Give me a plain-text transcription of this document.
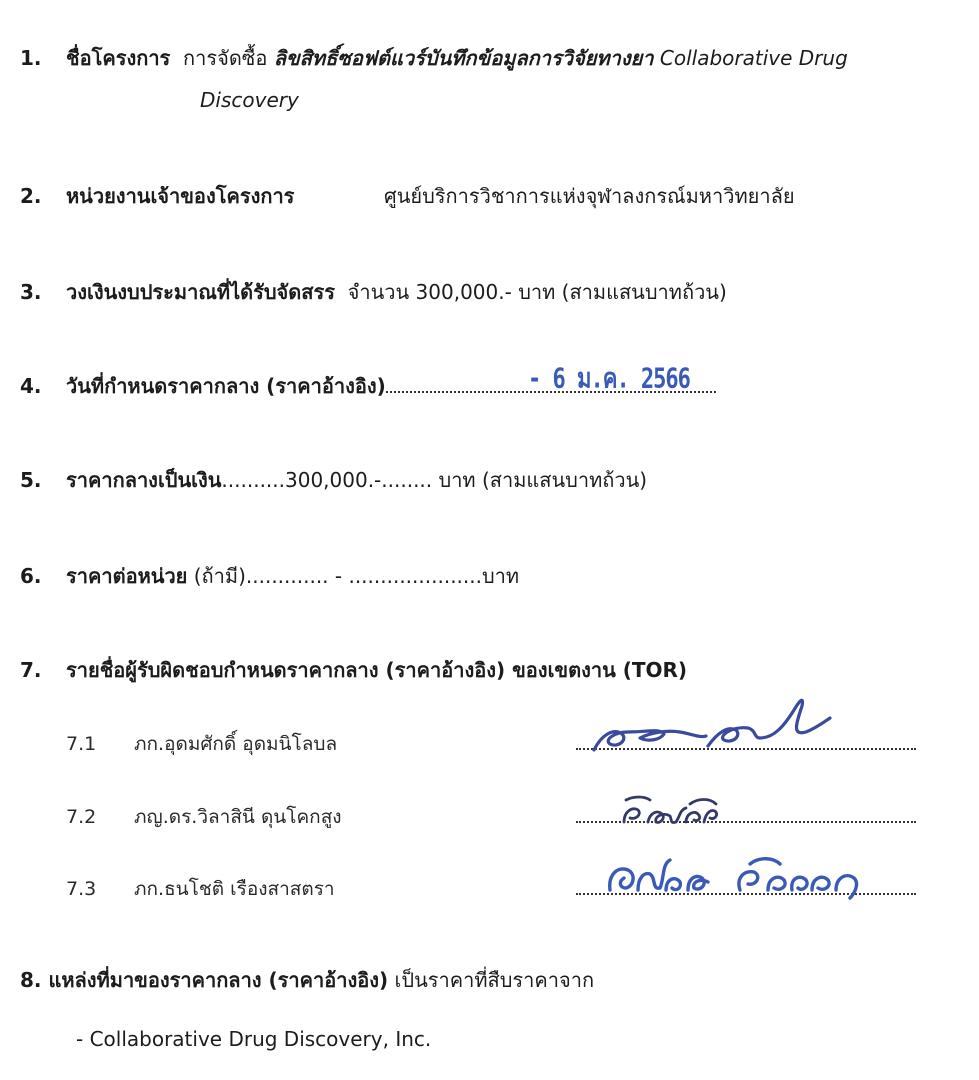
1. ชื่อโครงการ การจัดซื้อ ลิขสิทธิ์ซอฟต์แวร์บันทึกข้อมูลการวิจัยทางยา Collaborative Drug
Discovery
2. หน่วยงานเจ้าของโครงการ	ศูนย์บริการวิชาการแห่งจุฬาลงกรณ์มหาวิทยาลัย
3. วงเงินงบประมาณที่ได้รับจัดสรร จำนวน 300,000.- บาท (สามแสนบาทถ้วน)
4. วันที่กำหนดราคากลาง (ราคาอ้างอิง)	- 6 ม.ค. 2566
5. ราคากลางเป็นเงิน..........300,000.-........ บาท (สามแสนบาทถ้วน)
6. ราคาต่อหน่วย (ถ้ามี)............. - .....................บาท
7. รายชื่อผู้รับผิดชอบกำหนดราคากลาง (ราคาอ้างอิง) ของเขตงาน (TOR)
7.1 ภก.อุดมศักดิ์ อุดมนิโลบล
7.2 ภญ.ดร.วิลาสินี ดุนโคกสูง
7.3 ภก.ธนโชติ เรืองสาสตรา
8. แหล่งที่มาของราคากลาง (ราคาอ้างอิง) เป็นราคาที่สืบราคาจาก
- Collaborative Drug Discovery, Inc.
